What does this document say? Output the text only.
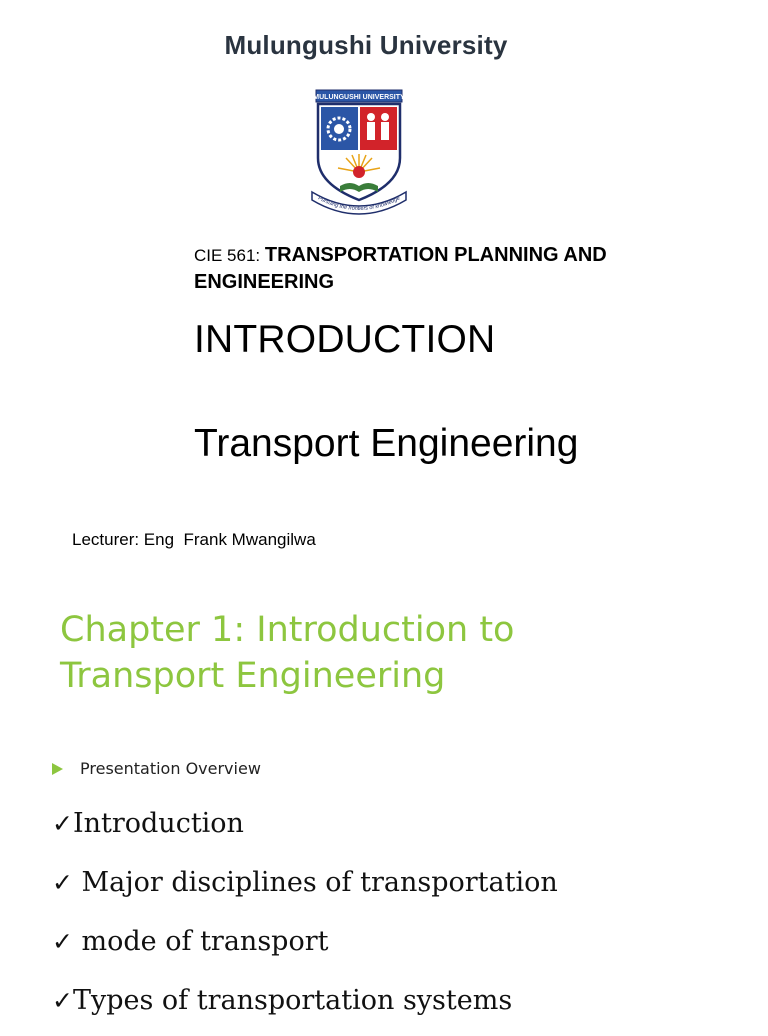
Mulungushi University
MULUNGUSHI UNIVERSITY
Pursuing the frontiers of knowledge
CIE 561: TRANSPORTATION PLANNING AND ENGINEERING
INTRODUCTION
Transport Engineering
Lecturer: Eng  Frank Mwangilwa
Chapter 1: Introduction to
Transport Engineering
Presentation Overview
✓Introduction
✓ Major disciplines of transportation
✓ mode of transport
✓Types of transportation systems
